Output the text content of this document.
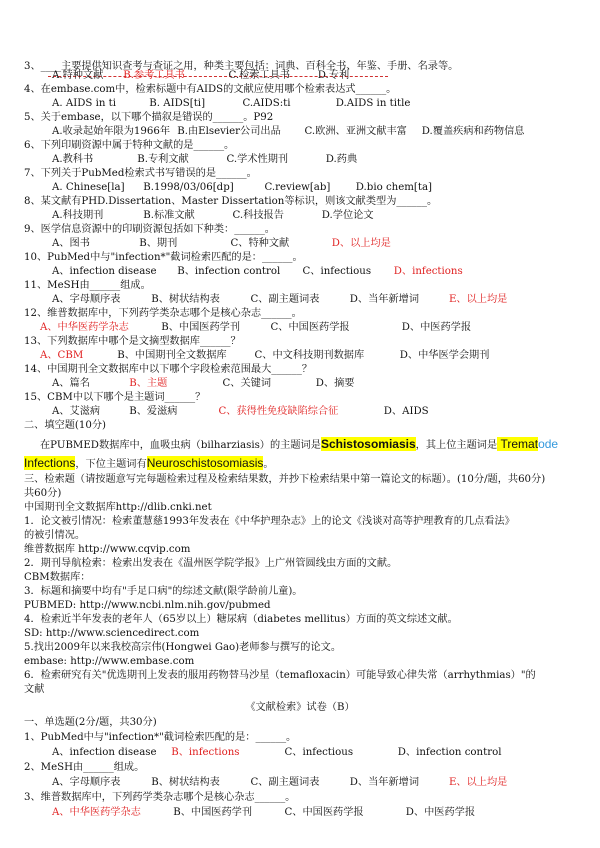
3、____主要提供知识查考与查证之用，种类主要包括：词典、百科全书、年鉴、手册、名录等。
A.特种文献 B.参考工具书	C.检索工具书	D.专利
4、在embase.com中，检索标题中有AIDS的文献应使用哪个检索表达式______。
A. AIDS in ti	B. AIDS[ti]	C.AIDS:ti	D.AIDS in title
5、关于embase，以下哪个描叙是错误的______。P92
A.收录起始年限为1966年 B.由Elsevier公司出品 C.欧洲、亚洲文献丰富 D.覆盖疾病和药物信息
6、下列印刷资源中属于特种文献的是______。
A.教科书	B.专利文献	C.学术性期刊	D.药典
7、下列关于PubMed检索式书写错误的是______。
A. Chinese[la] B.1998/03/06[dp]	C.review[ab] D.bio chem[ta]
8、某文献有PHD.Dissertation、Master Dissertation等标识，则该文献类型为______。
A.科技期刊	B.标准文献	C.科技报告	D.学位论文
9、医学信息资源中的印刷资源包括如下种类：______。
A、图书	B、期刊	C、特种文献	D、以上均是
10、PubMed中与"infection*"截词检索匹配的是：______。
A、infection disease B、infection control C、infectious D、infections
11、MeSH由______组成。
A、字母顺序表	B、树状结构表	C、副主题词表	D、当年新增词	E、以上均是
12、维普数据库中，下列药学类杂志哪个是核心杂志______。
A、中华医药学杂志	B、中国医药学刊	C、中国医药学报	D、中医药学报
13、下列数据库中哪个是文摘型数据库______？
A、CBM	B、中国期刊全文数据库	C、中文科技期刊数据库	D、中华医学会期刊
14、中国期刊全文数据库中以下哪个字段检索范围最大______？
A、篇名	B、主题	C、关键词	D、摘要
15、CBM中以下哪个是主题词______？
A、艾滋病	B、爱滋病	C、获得性免疫缺陷综合征	D、AIDS
二、填空题(10分)
在PUBMED数据库中，血吸虫病（bilharziasis）的主题词是Schistosomiasis，其上位主题词是 Trematode
Infections，下位主题词有Neuroschistosomiasis。
三、检索题（请按题意写完每题检索过程及检索结果数，并抄下检索结果中第一篇论文的标题）。(10分/题，共60分)
共60分)
中国期刊全文数据库http://dlib.cnki.net
1．论文被引情况：检索董慧慈1993年发表在《中华护理杂志》上的论文《浅谈对高等护理教育的几点看法》
的被引情况。
维普数据库 http://www.cqvip.com
2．期刊导航检索：检索出发表在《温州医学院学报》上广州管圆线虫方面的文献。
CBM数据库：
3．标题和摘要中均有"手足口病"的综述文献(限学龄前儿童)。
PUBMED: http://www.ncbi.nlm.nih.gov/pubmed
4．检索近半年发表的老年人（65岁以上）糖尿病（diabetes mellitus）方面的英文综述文献。
SD: http://www.sciencedirect.com
5.找出2009年以来我校高宗伟(Hongwei Gao)老师参与撰写的论文。
embase: http://www.embase.com
6．检索研究有关"优选期刊上发表的服用药物替马沙星（temafloxacin）可能导致心律失常（arrhythmias）"的
文献
《文献检索》试卷（B）
一、单选题(2分/题，共30分)
1、PubMed中与"infection*"截词检索匹配的是：______。
A、infection disease B、infections	C、infectious	D、infection control
2、MeSH由______组成。
A、字母顺序表	B、树状结构表	C、副主题词表	D、当年新增词	E、以上均是
3、维普数据库中，下列药学类杂志哪个是核心杂志______。
A、中华医药学杂志	B、中国医药学刊	C、中国医药学报	D、中医药学报
